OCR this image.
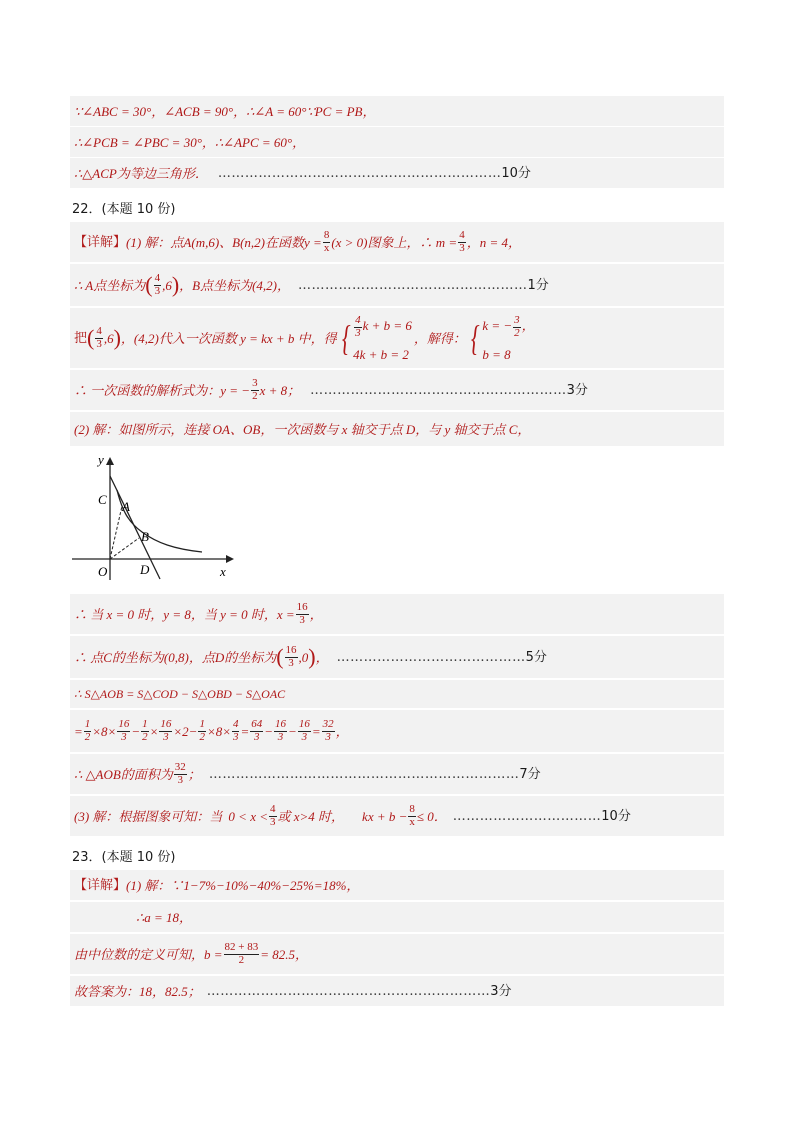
∵∠ABC = 30°，∠ACB = 90°，∴∠A = 60°∵PC = PB，
∴∠PCB = ∠PBC = 30°，∴∠APC = 60°，
∴△ACP为等边三角形． ……………………………………………………… 10分
22．(本题 10 份)
【详解】 (1) 解：点A(m,6)、B(n,2)在函数$y = \frac{8}{x} (x > 0)$图象上，∴ $m = \frac{4}{3}$ ，n = 4，
∴ A点坐标为 ( $\frac{4}{3} ,6$ ) ，B点坐标为(4,2)， …………………………………………… 1分
把 ( $\frac{4}{3} ,6$ ) ，(4,2)代入一次函数 y = kx + b 中，得 { $\frac{4}{3}$ k + b = 6
4k + b = 2
，解得： { k = − $\frac{3}{2}$ ，
b = 8
∴ 一次函数的解析式为：y = − $\frac{3}{2}$ x + 8； ………………………………………………… 3分
(2) 解：如图所示，连接 OA、OB，一次函数与 x 轴交于点 D，与 y 轴交于点 C，
y
x
O
C A
B
D
∴ 当 x = 0 时，y = 8，当 y = 0 时，$x = \frac{16}{3}$ ，
∴ 点C的坐标为(0,8)，点D的坐标为 ( $\frac{16}{3} ,0$ ) ， …………………………………… 5分
∴ S△AOB = S△COD − S△OBD − S△OAC
= $\frac{1}{2} \times 8\times \frac{16}{3} - \frac{1}{2} \times \frac{16}{3} \times 2- \frac{1}{2} \times 8\times \frac{4}{3} = \frac{64}{3} - \frac{16}{3} - \frac{16}{3} = \frac{32}{3}$ ，
∴ △AOB的面积为 $\frac{32}{3}$ ； …………………………………………………………… 7分
(3) 解：根据图象可知：当 $0 < x < \frac{4}{3}$ 或 x>4 时， kx + $b - \frac{8}{x} \le 0$． …………………………… 10分
23．(本题 10 份)
【详解】 (1) 解：∵1−7%−10%−40%−25%=18%，
∴a = 18，
由中位数的定义可知，$b = \frac{82 + 83}{2} = 82.5$，
故答案为：18，82.5； ……………………………………………………… 3分
